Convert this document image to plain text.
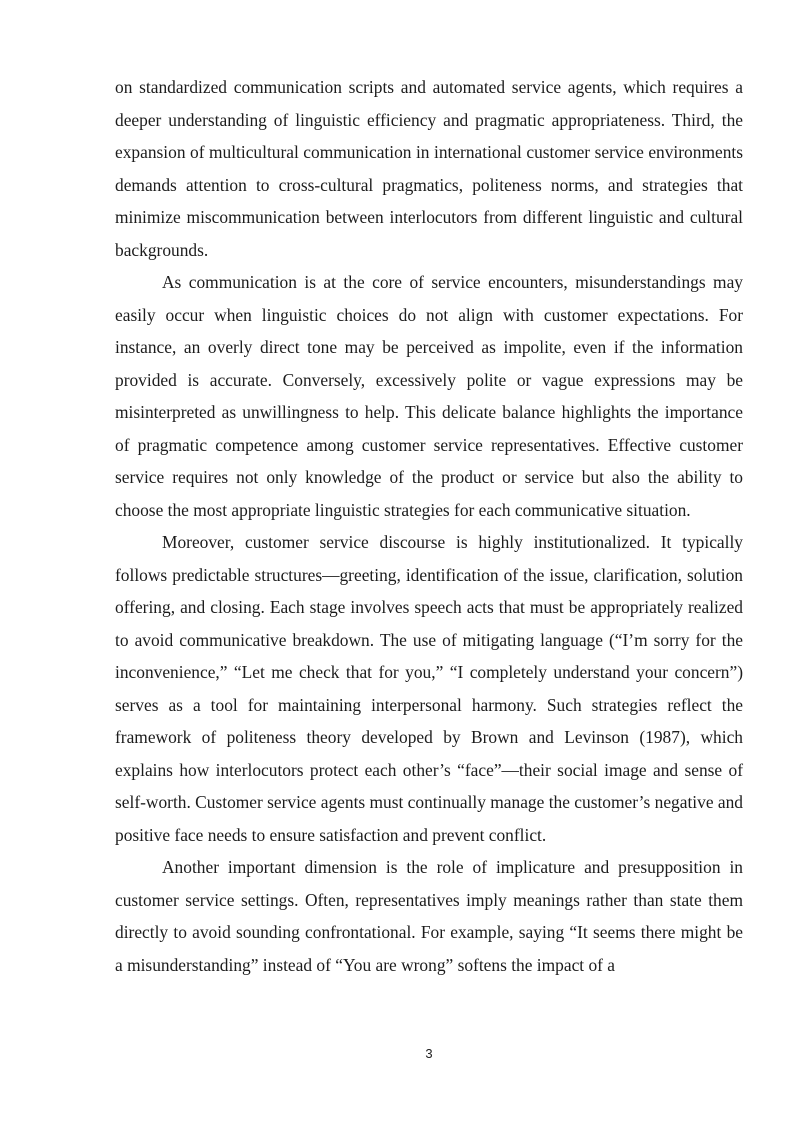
on standardized communication scripts and automated service agents, which requires a deeper understanding of linguistic efficiency and pragmatic appropriateness. Third, the expansion of multicultural communication in international customer service environments demands attention to cross-cultural pragmatics, politeness norms, and strategies that minimize miscommunication between interlocutors from different linguistic and cultural backgrounds.

As communication is at the core of service encounters, misunderstandings may easily occur when linguistic choices do not align with customer expectations. For instance, an overly direct tone may be perceived as impolite, even if the information provided is accurate. Conversely, excessively polite or vague expressions may be misinterpreted as unwillingness to help. This delicate balance highlights the importance of pragmatic competence among customer service representatives. Effective customer service requires not only knowledge of the product or service but also the ability to choose the most appropriate linguistic strategies for each communicative situation.

Moreover, customer service discourse is highly institutionalized. It typically follows predictable structures—greeting, identification of the issue, clarification, solution offering, and closing. Each stage involves speech acts that must be appropriately realized to avoid communicative breakdown. The use of mitigating language (“I’m sorry for the inconvenience,” “Let me check that for you,” “I completely understand your concern”) serves as a tool for maintaining interpersonal harmony. Such strategies reflect the framework of politeness theory developed by Brown and Levinson (1987), which explains how interlocutors protect each other’s “face”—their social image and sense of self-worth. Customer service agents must continually manage the customer’s negative and positive face needs to ensure satisfaction and prevent conflict.

Another important dimension is the role of implicature and presupposition in customer service settings. Often, representatives imply meanings rather than state them directly to avoid sounding confrontational. For example, saying “It seems there might be a misunderstanding” instead of “You are wrong” softens the impact of a

3
